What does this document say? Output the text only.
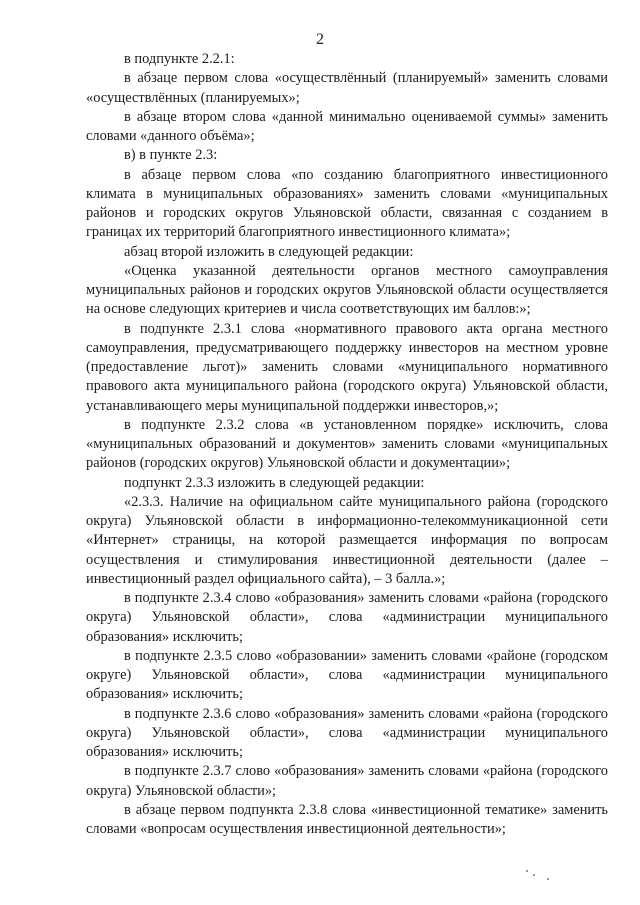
2

в подпункте 2.2.1:

в абзаце первом слова «осуществлённый (планируемый» заменить словами «осуществлённых (планируемых»;

в абзаце втором слова «данной минимально оцениваемой суммы» заменить словами «данного объёма»;

в) в пункте 2.3:

в абзаце первом слова «по созданию благоприятного инвестиционного климата в муниципальных образованиях» заменить словами «муниципальных районов и городских округов Ульяновской области, связанная с созданием в границах их территорий благоприятного инвестиционного климата»;

абзац второй изложить в следующей редакции:

«Оценка указанной деятельности органов местного самоуправления муниципальных районов и городских округов Ульяновской области осуществляется на основе следующих критериев и числа соответствующих им баллов:»;

в подпункте 2.3.1 слова «нормативного правового акта органа местного самоуправления, предусматривающего поддержку инвесторов на местном уровне (предоставление льгот)» заменить словами «муниципального нормативного правового акта муниципального района (городского округа) Ульяновской области, устанавливающего меры муниципальной поддержки инвесторов,»;

в подпункте 2.3.2 слова «в установленном порядке» исключить, слова «муниципальных образований и документов» заменить словами «муниципальных районов (городских округов) Ульяновской области и документации»;

подпункт 2.3.3 изложить в следующей редакции:

«2.3.3. Наличие на официальном сайте муниципального района (городского округа) Ульяновской области в информационно-телекоммуникационной сети «Интернет» страницы, на которой размещается информация по вопросам осуществления и стимулирования инвестиционной деятельности (далее – инвестиционный раздел официального сайта), – 3 балла.»;

в подпункте 2.3.4 слово «образования» заменить словами «района (городского округа) Ульяновской области», слова «администрации муниципального образования» исключить;

в подпункте 2.3.5 слово «образовании» заменить словами «районе (городском округе) Ульяновской области», слова «администрации муниципального образования» исключить;

в подпункте 2.3.6 слово «образования» заменить словами «района (городского округа) Ульяновской области», слова «администрации муниципального образования» исключить;

в подпункте 2.3.7 слово «образования» заменить словами «района (городского округа) Ульяновской области»;

в абзаце первом подпункта 2.3.8 слова «инвестиционной тематике» заменить словами «вопросам осуществления инвестиционной деятельности»;
